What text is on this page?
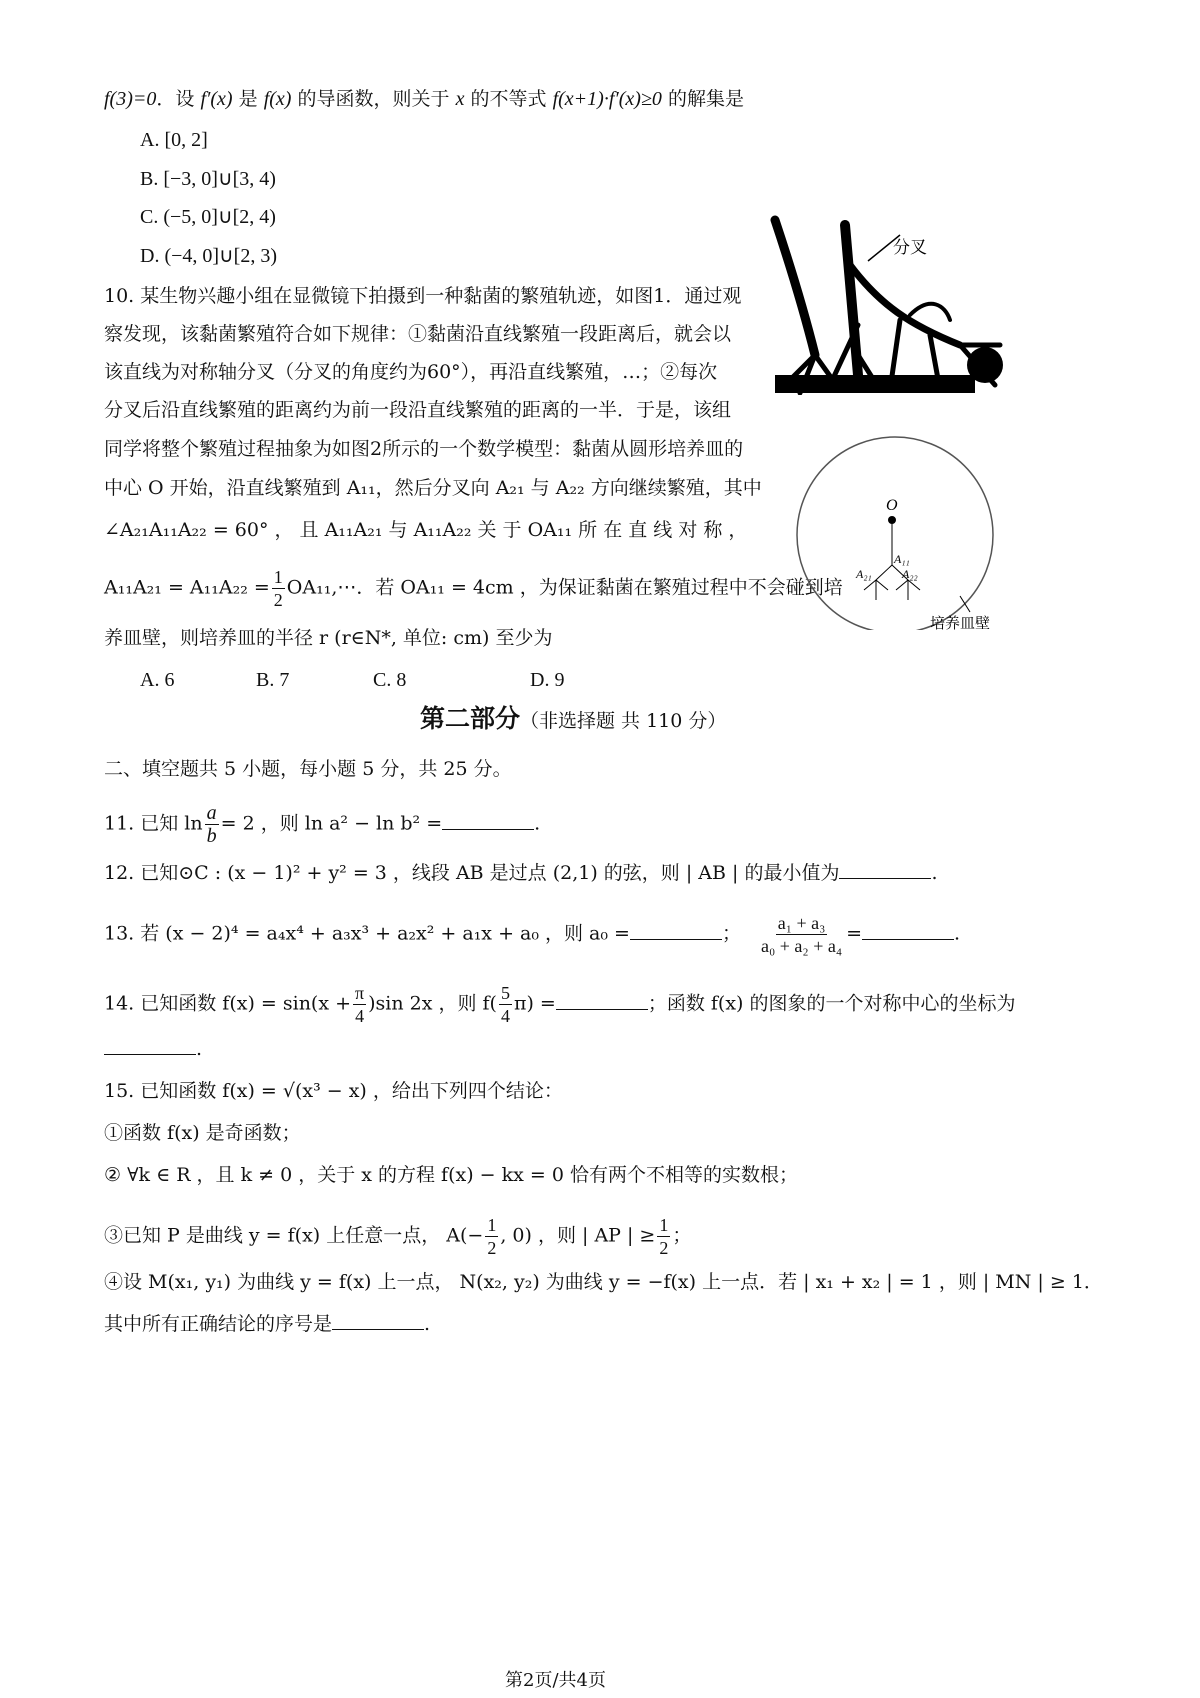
f(3)=0．设 f′(x) 是 f(x) 的导函数，则关于 x 的不等式 f(x+1)·f′(x)≥0 的解集是
A. [0, 2]
B. [−3, 0]∪[3, 4)
C. (−5, 0]∪[2, 4)
D. (−4, 0]∪[2, 3)
10. 某生物兴趣小组在显微镜下拍摄到一种黏菌的繁殖轨迹，如图1．通过观
察发现，该黏菌繁殖符合如下规律：①黏菌沿直线繁殖一段距离后，就会以
该直线为对称轴分叉（分叉的角度约为60°），再沿直线繁殖，…；②每次
分叉后沿直线繁殖的距离约为前一段沿直线繁殖的距离的一半．于是，该组
同学将整个繁殖过程抽象为如图2所示的一个数学模型：黏菌从圆形培养皿的
中心 O 开始，沿直线繁殖到 A₁₁，然后分叉向 A₂₁ 与 A₂₂ 方向继续繁殖，其中
∠A₂₁A₁₁A₂₂ = 60° ， 且 A₁₁A₂₁ 与 A₁₁A₂₂ 关 于 OA₁₁ 所 在 直 线 对 称 ，
$A_{11}A_{21} = A_{11}A_{22} = \frac{1}{2}$ OA₁₁,⋯．若 OA₁₁ = 4cm ，为保证黏菌在繁殖过程中不会碰到培
养皿壁，则培养皿的半径 r (r∈N*, 单位: cm) 至少为
A. 6	B. 7	C. 8	D. 9
分叉
O
A₁₁
A₂₁	A₂₂
培养皿壁
第二部分（非选择题 共 110 分）
二、填空题共 5 小题，每小题 5 分，共 25 分。
11. 已知 $\ln \frac{a}{b} = 2$ ，则 ln a² − ln b² =	.
12. 已知⊙C : (x − 1)² + y² = 3 ，线段 AB 是过点 (2,1) 的弦，则 | AB | 的最小值为	.
13. 若 (x − 2)⁴ = a₄x⁴ + a₃x³ + a₂x² + a₁x + a₀ ，则 a₀ =	； $\frac{\text{a₁ + a₃}}{\text{a₀ + a₂ + a₄}}$ =	.
14. 已知函数 $f(x) = \sin(x + \frac{\pi}{4} )\sin$ 2x ，则 $f( \frac{5}{4} \pi)$ =	；函数 f(x) 的图象的一个对称中心的坐标为
.
15. 已知函数 f(x) = √(x³ − x) ，给出下列四个结论：
①函数 f(x) 是奇函数；
② ∀k ∈ R ，且 k ≠ 0 ，关于 x 的方程 f(x) − kx = 0 恰有两个不相等的实数根；
③已知 P 是曲线 y = f(x) 上任意一点， $A(- \frac{1}{2}$ , 0) ，则 | AP | ≥ $\frac{1}{2}$ ；
④设 M(x₁, y₁) 为曲线 y = f(x) 上一点， N(x₂, y₂) 为曲线 y = −f(x) 上一点．若 | x₁ + x₂ | = 1 ，则 | MN | ≥ 1．
其中所有正确结论的序号是	.
第2页/共4页
